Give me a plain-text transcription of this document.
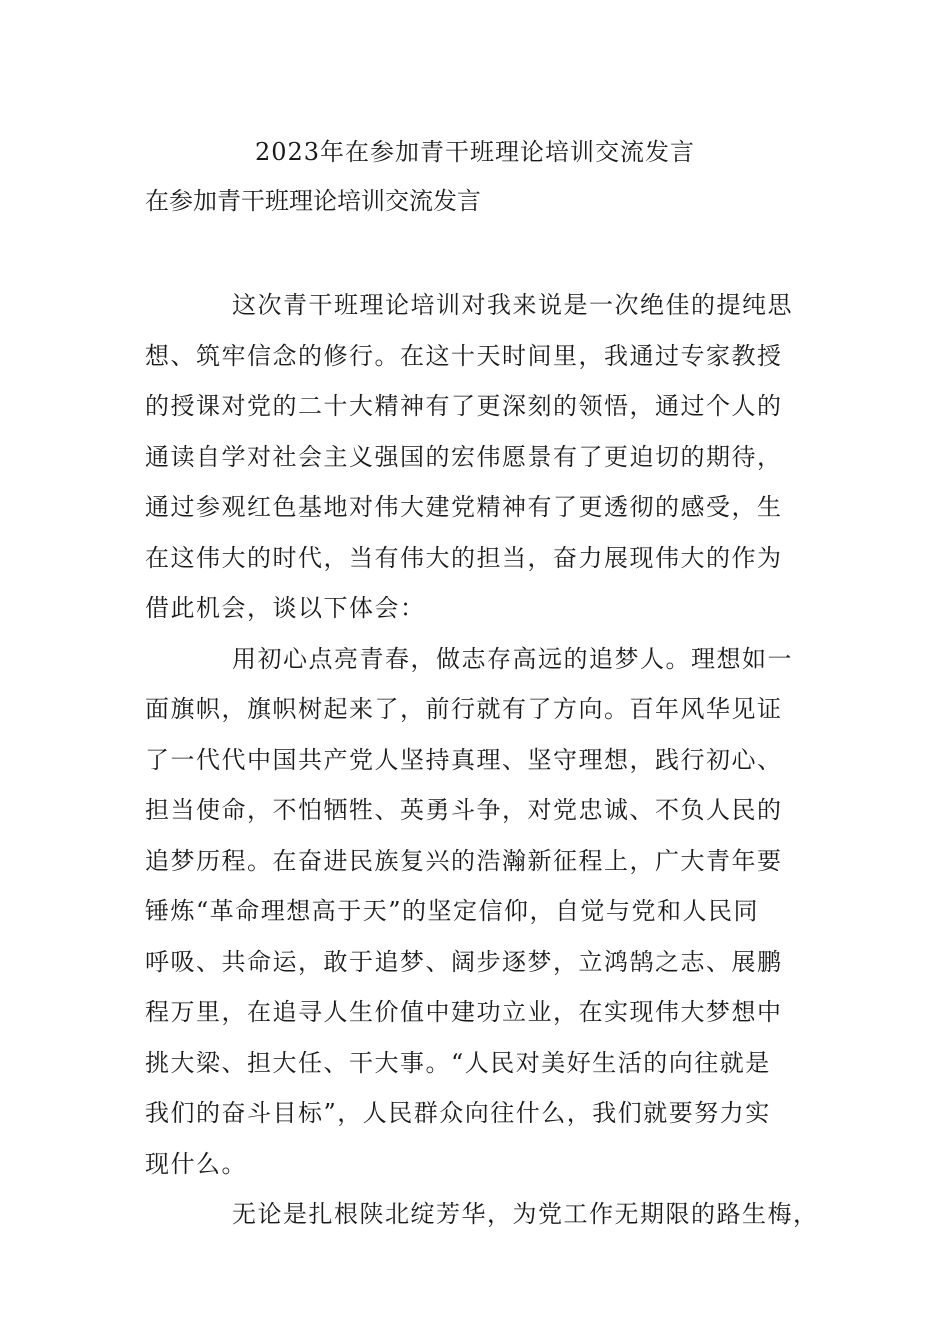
2023年在参加青干班理论培训交流发言
在参加青干班理论培训交流发言
这次青干班理论培训对我来说是一次绝佳的提纯思
想、筑牢信念的修行。在这十天时间里，我通过专家教授
的授课对党的二十大精神有了更深刻的领悟，通过个人的
通读自学对社会主义强国的宏伟愿景有了更迫切的期待，
通过参观红色基地对伟大建党精神有了更透彻的感受，生
在这伟大的时代，当有伟大的担当，奋力展现伟大的作为
借此机会，谈以下体会：
用初心点亮青春，做志存高远的追梦人。理想如一
面旗帜，旗帜树起来了，前行就有了方向。百年风华见证
了一代代中国共产党人坚持真理、坚守理想，践行初心、
担当使命，不怕牺牲、英勇斗争，对党忠诚、不负人民的
追梦历程。在奋进民族复兴的浩瀚新征程上，广大青年要
锤炼“革命理想高于天”的坚定信仰，自觉与党和人民同
呼吸、共命运，敢于追梦、阔步逐梦，立鸿鹄之志、展鹏
程万里，在追寻人生价值中建功立业，在实现伟大梦想中
挑大梁、担大任、干大事。“人民对美好生活的向往就是
我们的奋斗目标”，人民群众向往什么，我们就要努力实
现什么。
无论是扎根陕北绽芳华，为党工作无期限的路生梅，
